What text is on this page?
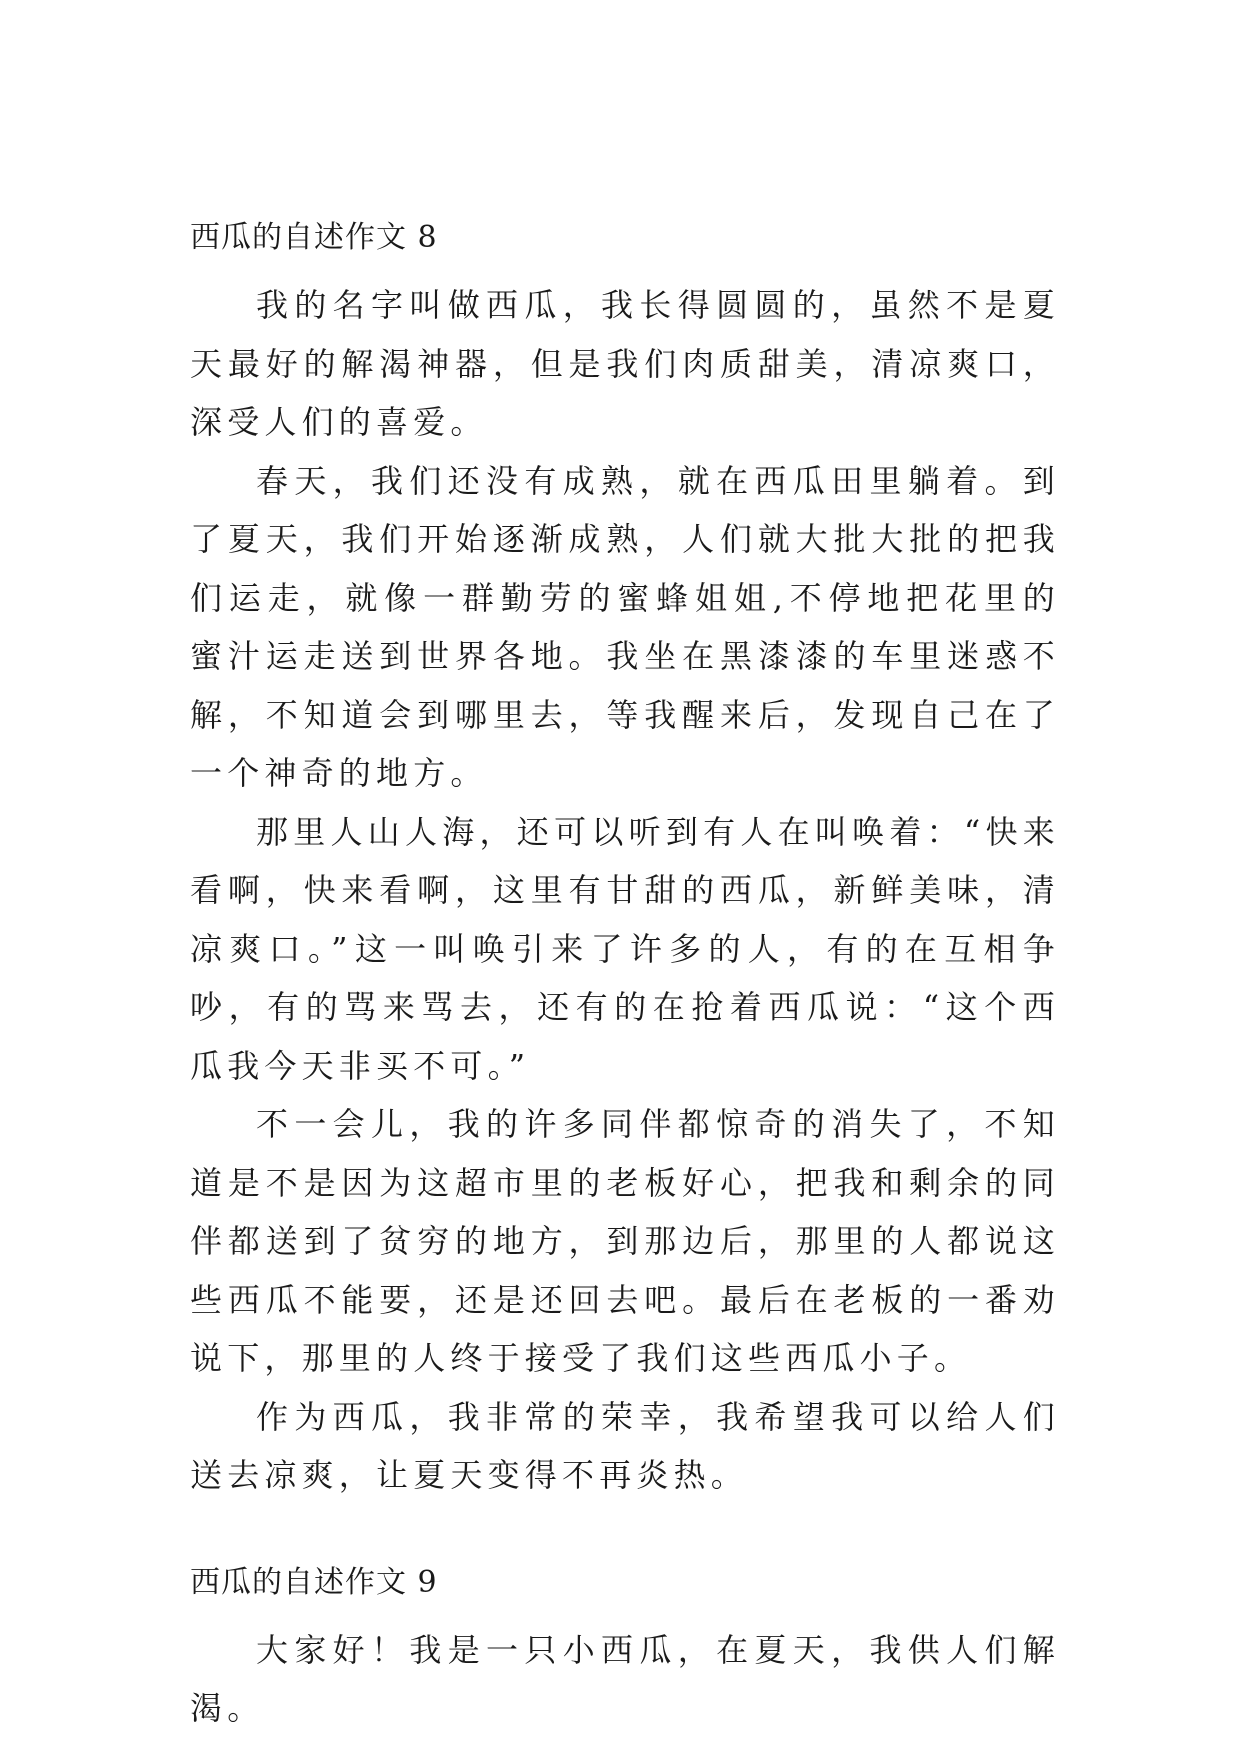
西瓜的自述作文 8

我的名字叫做西瓜，我长得圆圆的，虽然不是夏天最好的解渴神器，但是我们肉质甜美，清凉爽口，深受人们的喜爱。

春天，我们还没有成熟，就在西瓜田里躺着。到了夏天，我们开始逐渐成熟，人们就大批大批的把我们运走，就像一群勤劳的蜜蜂姐姐,不停地把花里的蜜汁运走送到世界各地。我坐在黑漆漆的车里迷惑不解，不知道会到哪里去，等我醒来后，发现自己在了一个神奇的地方。

那里人山人海，还可以听到有人在叫唤着：“快来看啊，快来看啊，这里有甘甜的西瓜，新鲜美味，清凉爽口。”这一叫唤引来了许多的人，有的在互相争吵，有的骂来骂去，还有的在抢着西瓜说：“这个西瓜我今天非买不可。”

不一会儿，我的许多同伴都惊奇的消失了，不知道是不是因为这超市里的老板好心，把我和剩余的同伴都送到了贫穷的地方，到那边后，那里的人都说这些西瓜不能要，还是还回去吧。最后在老板的一番劝说下，那里的人终于接受了我们这些西瓜小子。

作为西瓜，我非常的荣幸，我希望我可以给人们送去凉爽，让夏天变得不再炎热。

西瓜的自述作文 9

大家好！我是一只小西瓜，在夏天，我供人们解渴。
